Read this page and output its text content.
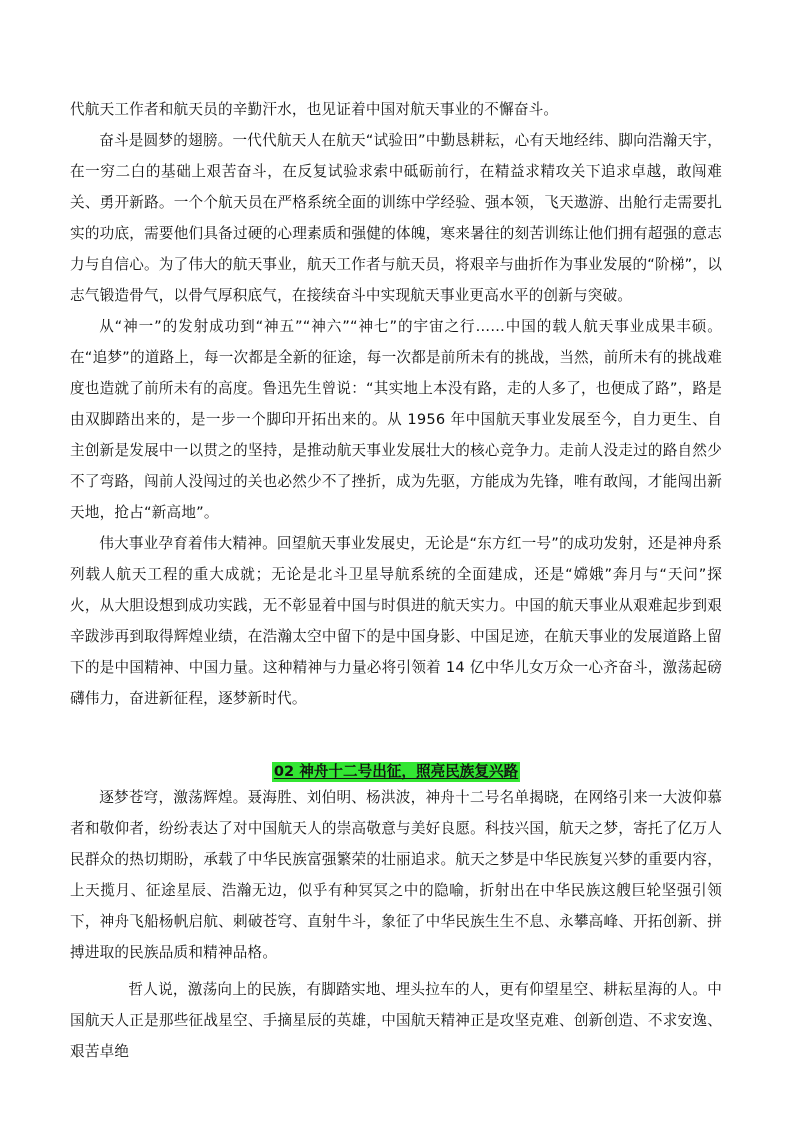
代航天工作者和航天员的辛勤汗水，也见证着中国对航天事业的不懈奋斗。

奋斗是圆梦的翅膀。一代代航天人在航天“试验田”中勤恳耕耘，心有天地经纬、脚向浩瀚天宇，在一穷二白的基础上艰苦奋斗，在反复试验求索中砥砺前行，在精益求精攻关下追求卓越，敢闯难关、勇开新路。一个个航天员在严格系统全面的训练中学经验、强本领，飞天遨游、出舱行走需要扎实的功底，需要他们具备过硬的心理素质和强健的体魄，寒来暑往的刻苦训练让他们拥有超强的意志力与自信心。为了伟大的航天事业，航天工作者与航天员，将艰辛与曲折作为事业发展的“阶梯”，以志气锻造骨气，以骨气厚积底气，在接续奋斗中实现航天事业更高水平的创新与突破。

从“神一”的发射成功到“神五”“神六”“神七”的宇宙之行……中国的载人航天事业成果丰硕。在“追梦”的道路上，每一次都是全新的征途，每一次都是前所未有的挑战，当然，前所未有的挑战难度也造就了前所未有的高度。鲁迅先生曾说：“其实地上本没有路，走的人多了，也便成了路”，路是由双脚踏出来的，是一步一个脚印开拓出来的。从 1956 年中国航天事业发展至今，自力更生、自主创新是发展中一以贯之的坚持，是推动航天事业发展壮大的核心竞争力。走前人没走过的路自然少不了弯路，闯前人没闯过的关也必然少不了挫折，成为先驱，方能成为先锋，唯有敢闯，才能闯出新天地，抢占“新高地”。

伟大事业孕育着伟大精神。回望航天事业发展史，无论是“东方红一号”的成功发射，还是神舟系列载人航天工程的重大成就；无论是北斗卫星导航系统的全面建成，还是“嫦娥”奔月与“天问”探火，从大胆设想到成功实践，无不彰显着中国与时俱进的航天实力。中国的航天事业从艰难起步到艰辛跋涉再到取得辉煌业绩，在浩瀚太空中留下的是中国身影、中国足迹，在航天事业的发展道路上留下的是中国精神、中国力量。这种精神与力量必将引领着 14 亿中华儿女万众一心齐奋斗，激荡起磅礴伟力，奋进新征程，逐梦新时代。

02 神舟十二号出征，照亮民族复兴路

逐梦苍穹，激荡辉煌。聂海胜、刘伯明、杨洪波，神舟十二号名单揭晓，在网络引来一大波仰慕者和敬仰者，纷纷表达了对中国航天人的崇高敬意与美好良愿。科技兴国，航天之梦，寄托了亿万人民群众的热切期盼，承载了中华民族富强繁荣的壮丽追求。航天之梦是中华民族复兴梦的重要内容，上天揽月、征途星辰、浩瀚无边，似乎有种冥冥之中的隐喻，折射出在中华民族这艘巨轮坚强引领下，神舟飞船杨帆启航、刺破苍穹、直射牛斗，象征了中华民族生生不息、永攀高峰、开拓创新、拼搏进取的民族品质和精神品格。

哲人说，激荡向上的民族，有脚踏实地、埋头拉车的人，更有仰望星空、耕耘星海的人。中国航天人正是那些征战星空、手摘星辰的英雄，中国航天精神正是攻坚克难、创新创造、不求安逸、艰苦卓绝
